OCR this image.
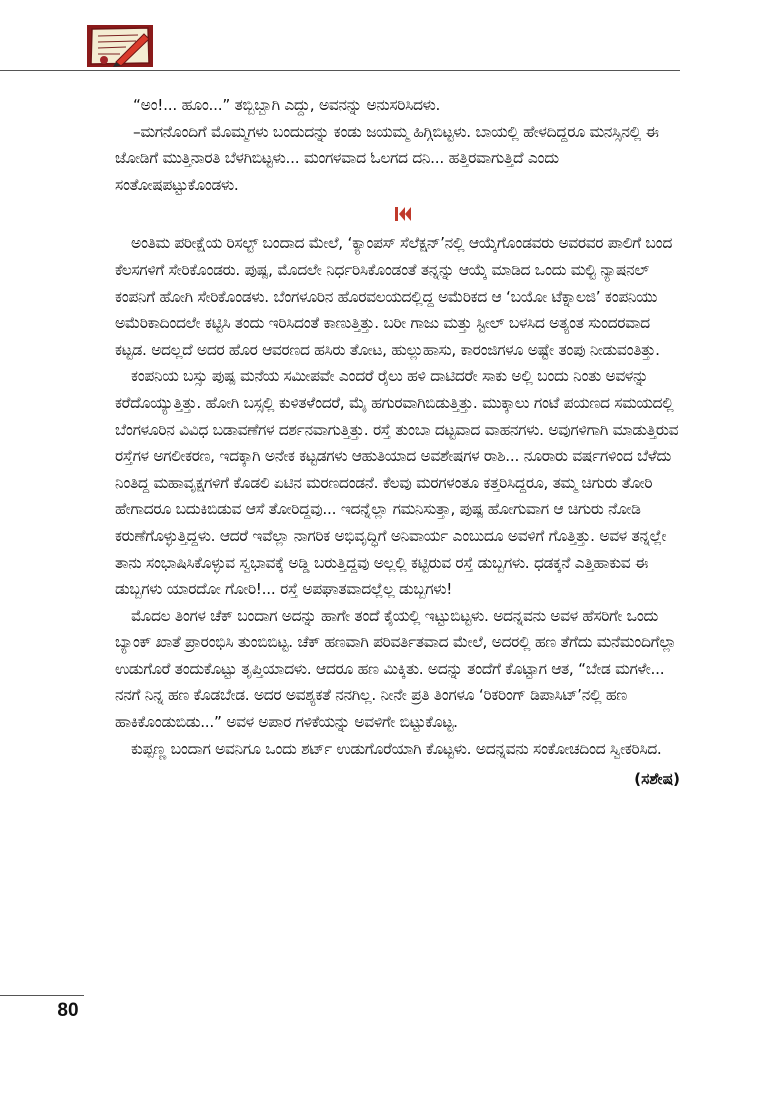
“ಅಂ!... ಹೂಂ...” ತಬ್ಬಿಬ್ಬಾಗಿ ಎದ್ದು, ಅವನನ್ನು ಅನುಸರಿಸಿದಳು.

–ಮಗನೊಂದಿಗೆ ಮೊಮ್ಮಗಳು ಬಂದುದನ್ನು ಕಂಡು ಜಯಮ್ಮ ಹಿಗ್ಗಿಬಿಟ್ಟಳು. ಬಾಯಲ್ಲಿ ಹೇಳದಿದ್ದರೂ ಮನಸ್ಸಿನಲ್ಲಿ ಈ ಜೋಡಿಗೆ ಮುತ್ತಿನಾರತಿ ಬೆಳಗಿಬಿಟ್ಟಳು... ಮಂಗಳವಾದ ಓಲಗದ ದನಿ... ಹತ್ತಿರವಾಗುತ್ತಿದೆ ಎಂದು ಸಂತೋಷಪಟ್ಟುಕೊಂಡಳು.

ಅಂತಿಮ ಪರೀಕ್ಷೆಯ ರಿಸಲ್ಟ್ ಬಂದಾದ ಮೇಲೆ, ‘ಕ್ಯಾಂಪಸ್ ಸೆಲೆಕ್ಷನ್’ನಲ್ಲಿ ಆಯ್ಕೆಗೊಂಡವರು ಅವರವರ ಪಾಲಿಗೆ ಬಂದ ಕೆಲಸಗಳಿಗೆ ಸೇರಿಕೊಂಡರು. ಪುಷ್ಪ, ಮೊದಲೇ ನಿರ್ಧರಿಸಿಕೊಂಡಂತೆ ತನ್ನನ್ನು ಆಯ್ಕೆ ಮಾಡಿದ ಒಂದು ಮಲ್ಟಿ ನ್ಯಾಷನಲ್ ಕಂಪನಿಗೆ ಹೋಗಿ ಸೇರಿಕೊಂಡಳು. ಬೆಂಗಳೂರಿನ ಹೊರವಲಯದಲ್ಲಿದ್ದ ಅಮೆರಿಕದ ಆ ‘ಬಯೋ ಟೆಕ್ನಾಲಜಿ’ ಕಂಪನಿಯು ಅಮೆರಿಕಾದಿಂದಲೇ ಕಟ್ಟಿಸಿ ತಂದು ಇರಿಸಿದಂತೆ ಕಾಣುತ್ತಿತ್ತು. ಬರೀ ಗಾಜು ಮತ್ತು ಸ್ಟೀಲ್ ಬಳಸಿದ ಅತ್ಯಂತ ಸುಂದರವಾದ ಕಟ್ಟಡ. ಅದಲ್ಲದೆ ಅದರ ಹೊರ ಆವರಣದ ಹಸಿರು ತೋಟ, ಹುಲ್ಲುಹಾಸು, ಕಾರಂಜಿಗಳೂ ಅಷ್ಟೇ ತಂಪು ನೀಡುವಂತಿತ್ತು.

ಕಂಪನಿಯ ಬಸ್ಸು ಪುಷ್ಪ ಮನೆಯ ಸಮೀಪವೇ ಎಂದರೆ ರೈಲು ಹಳಿ ದಾಟಿದರೇ ಸಾಕು ಅಲ್ಲಿ ಬಂದು ನಿಂತು ಅವಳನ್ನು ಕರೆದೊಯ್ಯುತ್ತಿತ್ತು. ಹೋಗಿ ಬಸ್ಸಲ್ಲಿ ಕುಳಿತಳೆಂದರೆ, ಮೈ ಹಗುರವಾಗಿಬಿಡುತ್ತಿತ್ತು. ಮುಕ್ಕಾಲು ಗಂಟೆ ಪಯಣದ ಸಮಯದಲ್ಲಿ ಬೆಂಗಳೂರಿನ ವಿವಿಧ ಬಡಾವಣೆಗಳ ದರ್ಶನವಾಗುತ್ತಿತ್ತು. ರಸ್ತೆ ತುಂಬಾ ದಟ್ಟವಾದ ವಾಹನಗಳು. ಅವುಗಳಿಗಾಗಿ ಮಾಡುತ್ತಿರುವ ರಸ್ತೆಗಳ ಅಗಲೀಕರಣ, ಇದಕ್ಕಾಗಿ ಅನೇಕ ಕಟ್ಟಡಗಳು ಆಹುತಿಯಾದ ಅವಶೇಷಗಳ ರಾಶಿ... ನೂರಾರು ವರ್ಷಗಳಿಂದ ಬೆಳೆದು ನಿಂತಿದ್ದ ಮಹಾವೃಕ್ಷಗಳಿಗೆ ಕೊಡಲಿ ಏಟಿನ ಮರಣದಂಡನೆ. ಕೆಲವು ಮರಗಳಂತೂ ಕತ್ತರಿಸಿದ್ದರೂ, ತಮ್ಮ ಚಿಗುರು ತೋರಿ ಹೇಗಾದರೂ ಬದುಕಿಬಿಡುವ ಆಸೆ ತೋರಿದ್ದವು... ಇದನ್ನೆಲ್ಲಾ ಗಮನಿಸುತ್ತಾ, ಪುಷ್ಪ ಹೋಗುವಾಗ ಆ ಚಿಗುರು ನೋಡಿ ಕರುಣೆಗೊಳ್ಳುತ್ತಿದ್ದಳು. ಆದರೆ ಇವೆಲ್ಲಾ ನಾಗರಿಕ ಅಭಿವೃದ್ಧಿಗೆ ಅನಿವಾರ್ಯ ಎಂಬುದೂ ಅವಳಿಗೆ ಗೊತ್ತಿತ್ತು. ಅವಳ ತನ್ನಲ್ಲೇ ತಾನು ಸಂಭಾಷಿಸಿಕೊಳ್ಳುವ ಸ್ವಭಾವಕ್ಕೆ ಅಡ್ಡಿ ಬರುತ್ತಿದ್ದವು ಅಲ್ಲಲ್ಲಿ ಕಟ್ಟಿರುವ ರಸ್ತೆ ಡುಬ್ಬಗಳು. ಧಡಕ್ಕನೆ ಎತ್ತಿಹಾಕುವ ಈ ಡುಬ್ಬಗಳು ಯಾರದೋ ಗೋರಿ!... ರಸ್ತೆ ಅಪಘಾತವಾದಲ್ಲೆಲ್ಲ ಡುಬ್ಬಗಳು!

ಮೊದಲ ತಿಂಗಳ ಚೆಕ್ ಬಂದಾಗ ಅದನ್ನು ಹಾಗೇ ತಂದೆ ಕೈಯಲ್ಲಿ ಇಟ್ಟುಬಿಟ್ಟಳು. ಅದನ್ನವನು ಅವಳ ಹೆಸರಿಗೇ ಒಂದು ಬ್ಯಾಂಕ್ ಖಾತೆ ಪ್ರಾರಂಭಿಸಿ ತುಂಬಿಬಿಟ್ಟ. ಚೆಕ್ ಹಣವಾಗಿ ಪರಿವರ್ತಿತವಾದ ಮೇಲೆ, ಅದರಲ್ಲಿ ಹಣ ತೆಗೆದು ಮನೆಮಂದಿಗೆಲ್ಲಾ ಉಡುಗೊರೆ ತಂದುಕೊಟ್ಟು ತೃಪ್ತಿಯಾದಳು. ಆದರೂ ಹಣ ಮಿಕ್ಕಿತು. ಅದನ್ನು ತಂದೆಗೆ ಕೊಟ್ಟಾಗ ಆತ, “ಬೇಡ ಮಗಳೇ... ನನಗೆ ನಿನ್ನ ಹಣ ಕೊಡಬೇಡ. ಅದರ ಅವಶ್ಯಕತೆ ನನಗಿಲ್ಲ. ನೀನೇ ಪ್ರತಿ ತಿಂಗಳೂ ‘ರಿಕರಿಂಗ್ ಡಿಪಾಸಿಟ್’ನಲ್ಲಿ ಹಣ ಹಾಕಿಕೊಂಡುಬಿಡು...” ಅವಳ ಅಪಾರ ಗಳಿಕೆಯನ್ನು ಅವಳಿಗೇ ಬಿಟ್ಟುಕೊಟ್ಟ.

ಕುಪ್ಪಣ್ಣ ಬಂದಾಗ ಅವನಿಗೂ ಒಂದು ಶರ್ಟ್ ಉಡುಗೊರೆಯಾಗಿ ಕೊಟ್ಟಳು. ಅದನ್ನವನು ಸಂಕೋಚದಿಂದ ಸ್ವೀಕರಿಸಿದ.

(ಸಶೇಷ)
80
